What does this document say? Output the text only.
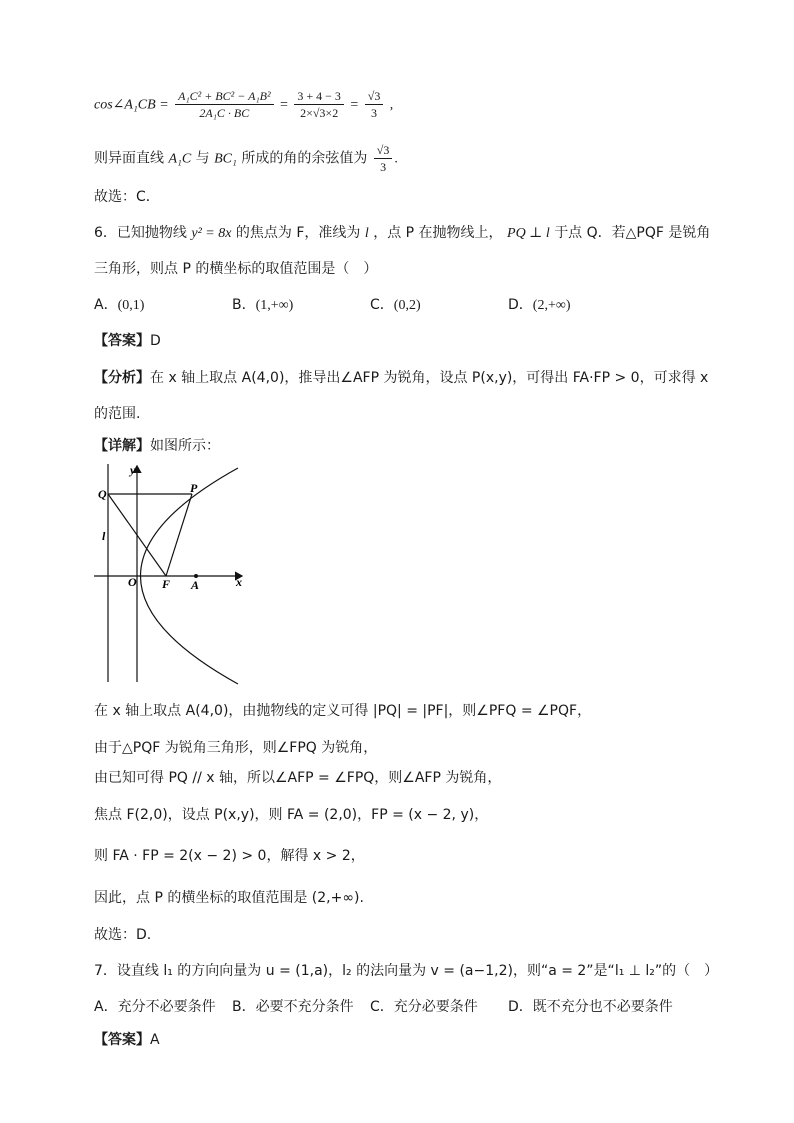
cos∠A₁CB = $\frac{\text{A₁C² + BC² − A₁B²}}{\text{2A₁C · BC}} = \frac{3 + 4 - 3}{2\times√3\times 2} = \frac{√3}{3}$ ,
则异面直线 A₁C 与 BC₁ 所成的角的余弦值为 $\frac{√3}{3}$ .
故选：C．
6．已知抛物线 y² = 8x 的焦点为 F，准线为 l ，点 P 在抛物线上， PQ ⊥ l 于点 Q．若△PQF 是锐角
三角形，则点 P 的横坐标的取值范围是（　）
A．(0,1)	B．(1,+∞)	C．(0,2)	D．(2,+∞)
【答案】D
【分析】在 x 轴上取点 A(4,0)，推导出∠AFP 为锐角，设点 P(x,y)，可得出 FA·FP > 0，可求得 x
的范围.
【详解】如图所示：
y
x
Q	P
l
O F A
在 x 轴上取点 A(4,0)，由抛物线的定义可得 |PQ| = |PF|，则∠PFQ = ∠PQF，
由于△PQF 为锐角三角形，则∠FPQ 为锐角，
由已知可得 PQ // x 轴，所以∠AFP = ∠FPQ，则∠AFP 为锐角，
焦点 F(2,0)，设点 P(x,y)，则 FA = (2,0)，FP = (x − 2, y)，
则 FA · FP = 2(x − 2) > 0，解得 x > 2，
因此，点 P 的横坐标的取值范围是 (2,+∞).
故选：D.
7．设直线 l₁ 的方向向量为 u = (1,a)，l₂ 的法向量为 v = (a−1,2)，则“a = 2”是“l₁ ⊥ l₂”的（　）
A．充分不必要条件 B．必要不充分条件 C．充分必要条件 D．既不充分也不必要条件
【答案】A
